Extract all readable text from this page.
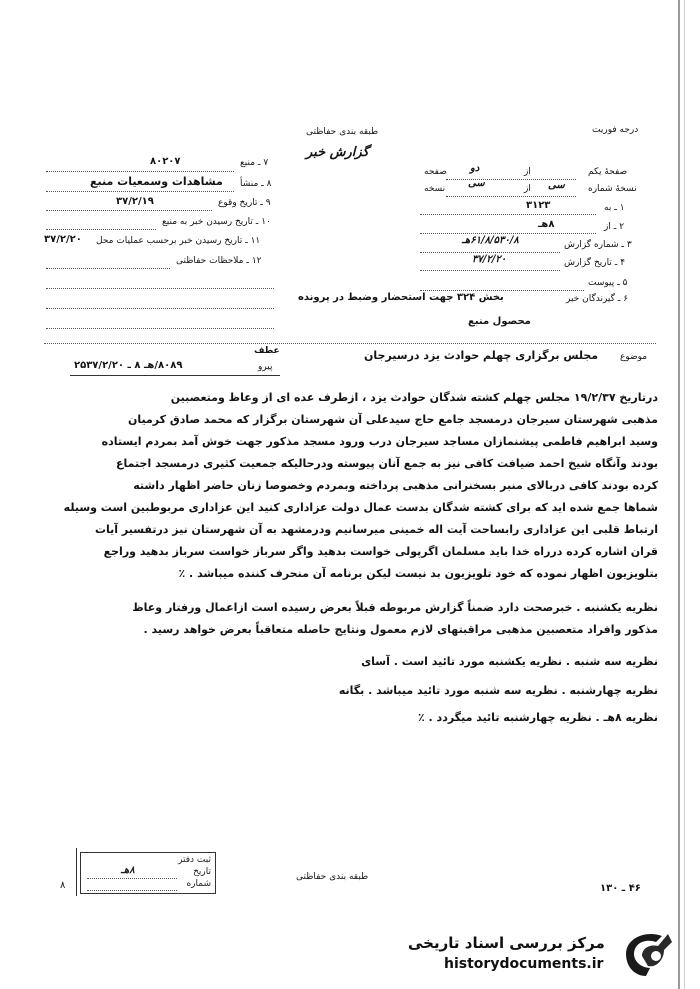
طبقه بندی حفاظتی
گزارش خبر
درجه فوریت
صفحهٔ یکم
از
دو
صفحه
نسخهٔ شماره
سی
از
سی
نسخه
۱ ـ به
۳۱۲۳
۲ ـ از
۸هـ
۳ ـ شماره گزارش
۶۱/۸/۵۳۰/۸هـ
۴ ـ تاریخ گزارش
۳۷/۲/۲۰
۵ ـ پیوست
۶ ـ گیرندگان خبر
بخش ۳۲۴ جهت استحضار وضبط در پرونده
محصول منبع
۷ ـ منبع
۸۰۲۰۷
۸ ـ منشأ
مشاهدات وسمعیات منبع
۹ ـ تاریخ وقوع
۳۷/۲/۱۹
۱۰ ـ تاریخ رسیدن خبر به منبع
۱۱ ـ تاریخ رسیدن خبر برحسب عملیات محل
۳۷/۲/۲۰
۱۲ ـ ملاحظات حفاظتی
موضوع
مجلس برگزاری چهلم حوادث یزد درسیرجان
عطف
پیرو
۸۰۸۹/هـ ۸ ـ ۲۵۳۷/۲/۲۰
درتاریخ ۱۹/۲/۳۷ مجلس چهلم کشته شدگان حوادث یزد ، ازطرف عده ای از وعاظ ومتعصبین
مذهبی شهرستان سیرجان درمسجد جامع حاج سیدعلی آن شهرستان برگزار که محمد صادق کرمیان
وسید ابراهیم فاطمی پیشنمازان مساجد سیرجان درب ورود مسجد مذکور جهت خوش آمد بمردم ایستاده
بودند وآنگاه شیخ احمد ضیافت کافی نیز به جمع آنان پیوسته ودرحالیکه جمعیت کثیری درمسجد اجتماع
کرده بودند کافی دربالای منبر بسخنرانی مذهبی پرداخته وبمردم وخصوصا زنان حاضر اظهار داشته
شماها جمع شده اید که برای کشته شدگان بدست عمال دولت عزاداری کنید این عزاداری مربوطبین است وسیله
ارتباط قلبی این عزاداری رابساحت آیت اله خمینی میرسانیم ودرمشهد به آن شهرستان نیز درتفسیر آیات
قران اشاره کرده درراه خدا باید مسلمان اگرپولی خواست بدهید واگر سرباز خواست سرباز بدهید وراجع
بتلویزیون اظهار نموده که خود تلویزیون بد نیست لیکن برنامه آن منحرف کننده میباشد . ٪
نظریه یکشنبه . خبرصحت دارد ضمناً گزارش مربوطه قبلاً بعرض رسیده است ازاعمال ورفتار وعاظ
مذکور وافراد متعصبین مذهبی مراقبتهای لازم معمول ونتایج حاصله متعاقباً بعرض خواهد رسید .
نظریه سه شنبه . نظریه یکشنبه مورد تائید است . آسای
نظریه چهارشنبه . نظریه سه شنبه مورد تائید میباشد . بگانه
نظریه ۸هـ . نظریه چهارشنبه تائید میگردد . ٪
ثبت دفتر
تاریخ
شماره
۸هـ
۸
طبقه بندی حفاظتی
۴۶ ـ ۱۳۰
مرکز بررسی اسناد تاریخی
historydocuments.ir
